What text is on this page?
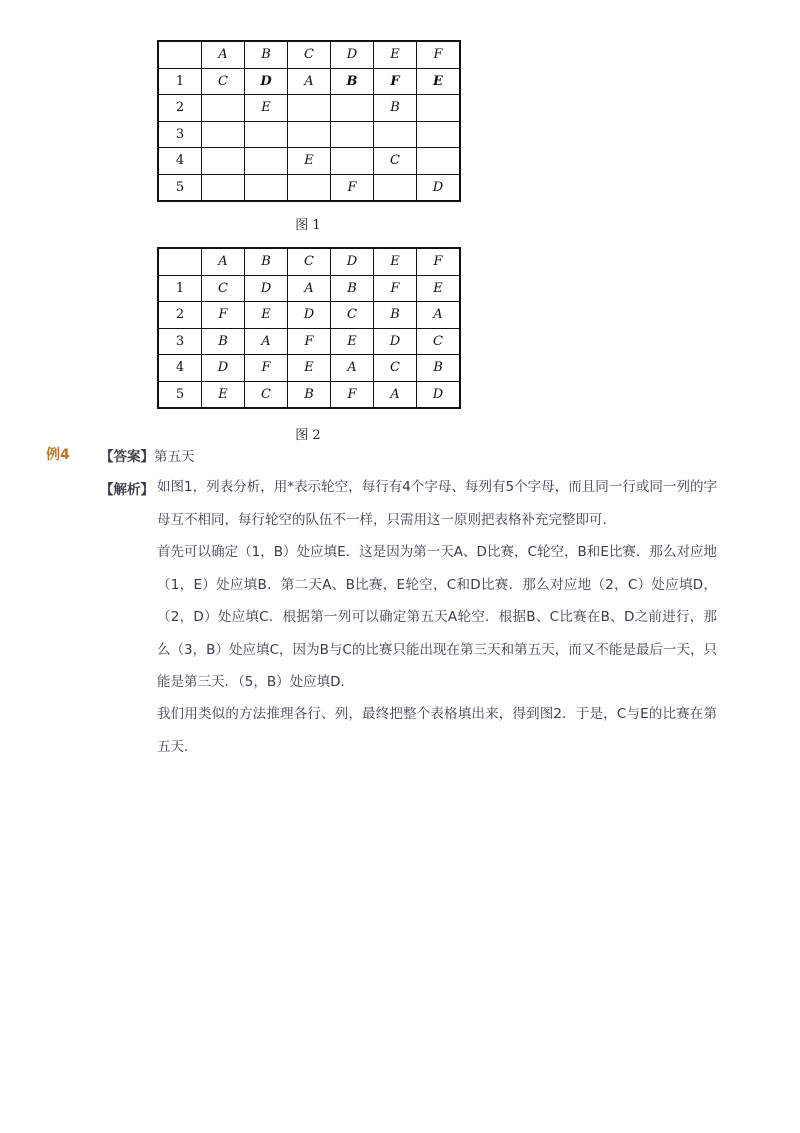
	A	B	C	D	E	F
1	C	D	A	B	F	E
2		E			B	
3						
4			E		C	
5				F		D
图 1
	A	B	C	D	E	F
1	C	D	A	B	F	E
2	F	E	D	C	B	A
3	B	A	F	E	D	C
4	D	F	E	A	C	B
5	E	C	B	F	A	D
图 2
例4 【答案】第五天
【解析】 如图1，列表分析，用*表示轮空，每行有4个字母、每列有5个字母，而且同一行或同一列的字母互不相同，每行轮空的队伍不一样，只需用这一原则把表格补充完整即可．
首先可以确定（1，B）处应填E．这是因为第一天A、D比赛，C轮空，B和E比赛．那么对应地（1，E）处应填B．第二天A、B比赛，E轮空，C和D比赛．那么对应地（2，C）处应填D，（2，D）处应填C．根据第一列可以确定第五天A轮空．根据B、C比赛在B、D之前进行，那么（3，B）处应填C，因为B与C的比赛只能出现在第三天和第五天，而又不能是最后一天，只能是第三天．（5，B）处应填D．
我们用类似的方法推理各行、列，最终把整个表格填出来，得到图2．于是，C与E的比赛在第五天．
